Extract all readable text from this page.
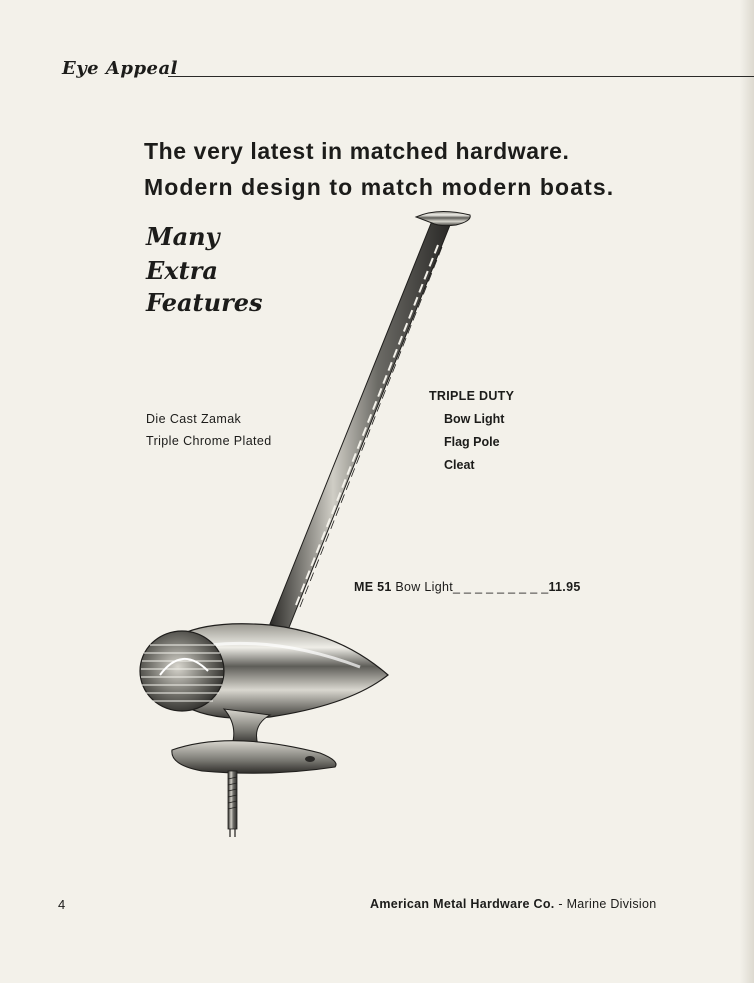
Eye Appeal
The very latest in matched hardware.
Modern design to match modern boats.
Many
Extra
Features
Die Cast Zamak
Triple Chrome Plated
TRIPLE DUTY
Bow Light
Flag Pole
Cleat
ME 51 Bow Light_ _ _ _ _ _ _ _ _11.95
4	American Metal Hardware Co. - Marine Division
